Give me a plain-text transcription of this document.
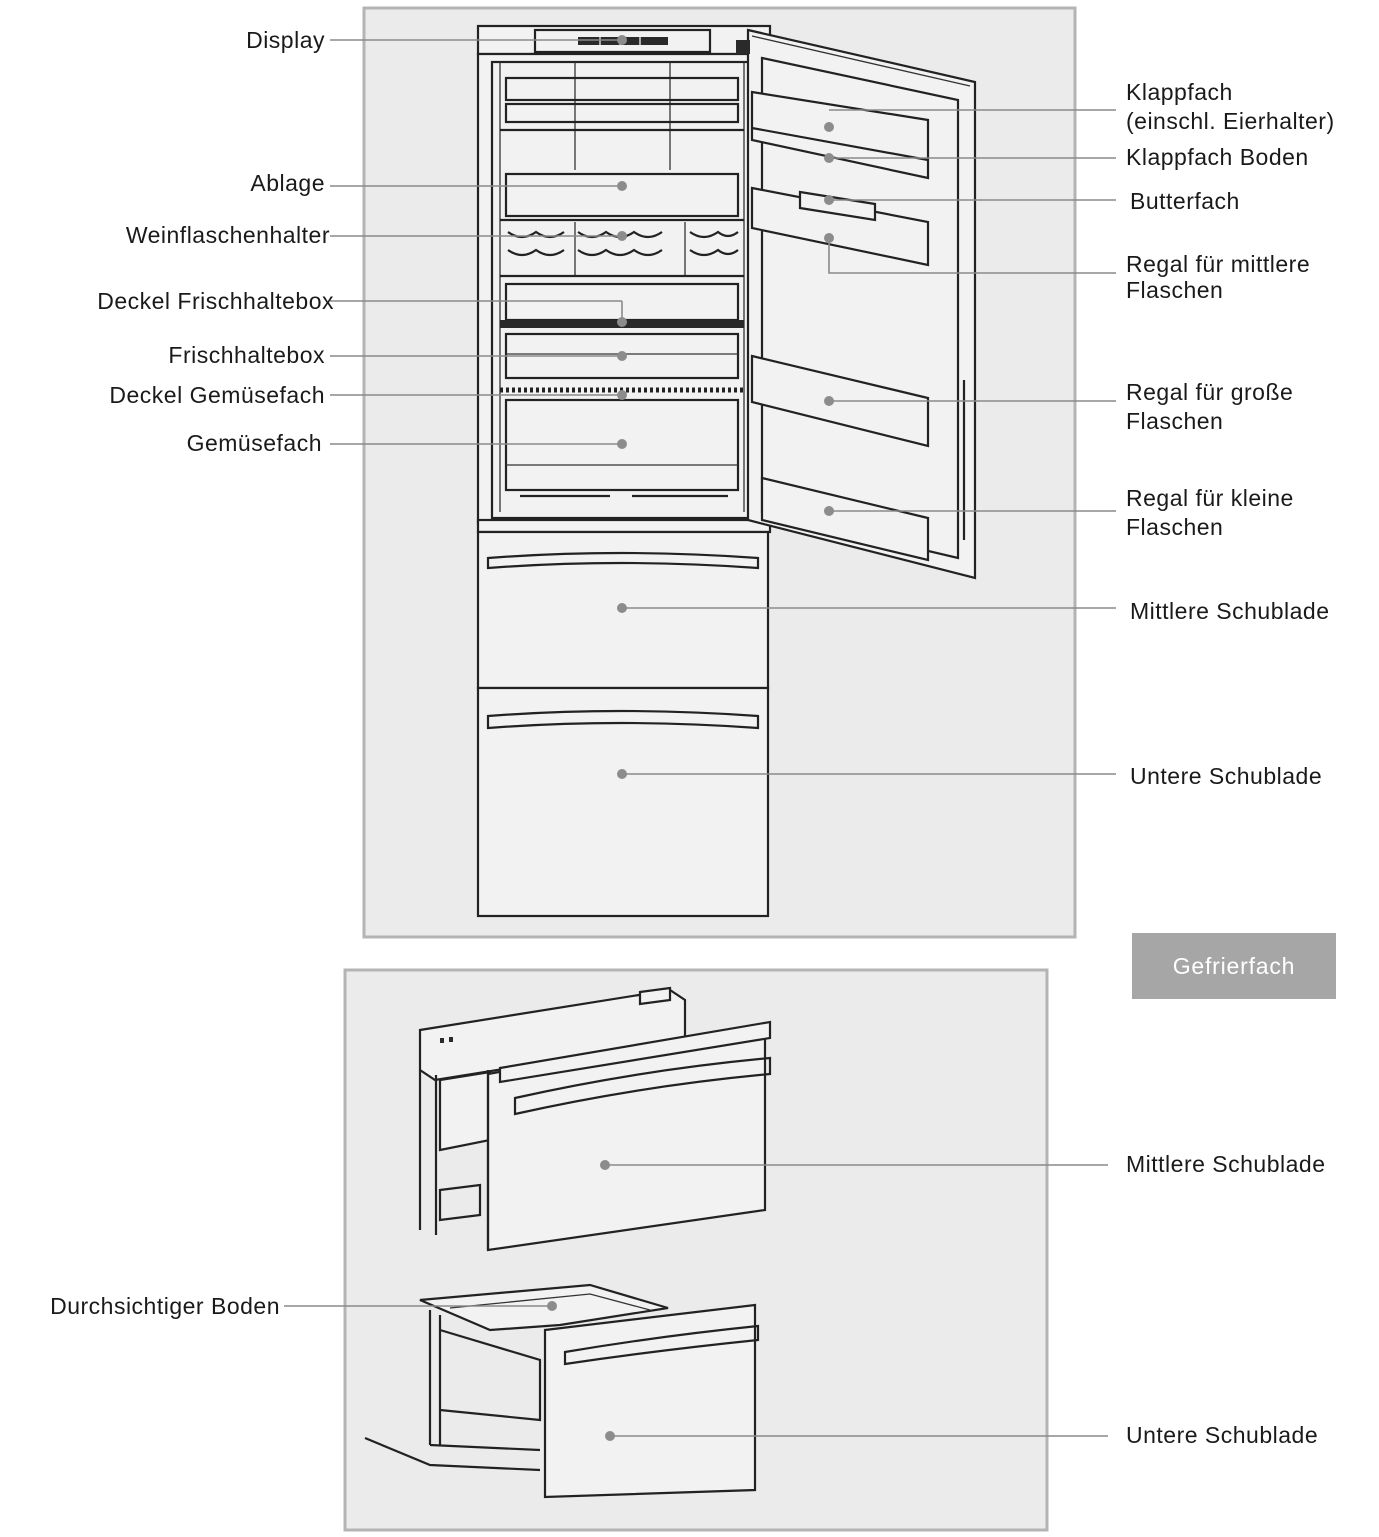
Display
Ablage
Weinflaschenhalter
Deckel Frischhaltebox
Frischhaltebox
Deckel Gemüsefach
Gemüsefach
Klappfach
(einschl. Eierhalter)
Klappfach Boden
Butterfach
Regal für mittlere
Flaschen
Regal für große
Flaschen
Regal für kleine
Flaschen
Mittlere Schublade
Untere Schublade
Gefrierfach
Mittlere Schublade
Durchsichtiger Boden
Untere Schublade
